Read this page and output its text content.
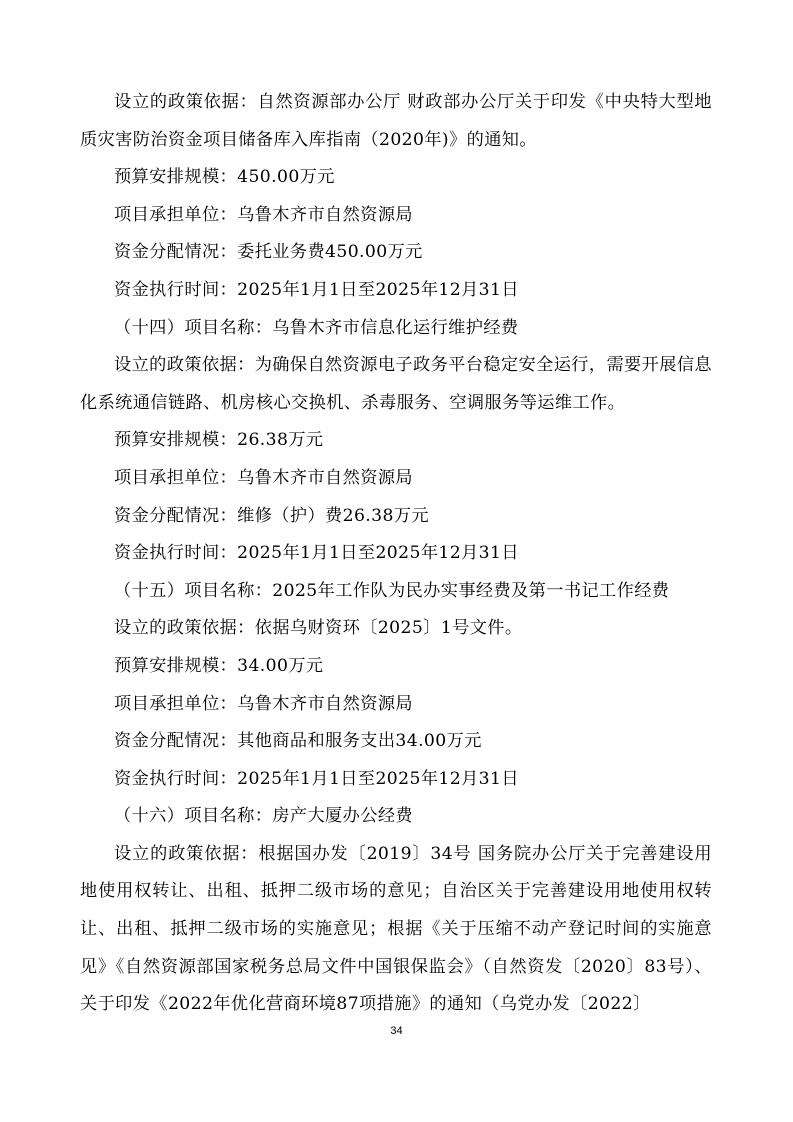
设立的政策依据：自然资源部办公厅 财政部办公厅关于印发《中央特大型地质灾害防治资金项目储备库入库指南（2020年)》的通知。

预算安排规模：450.00万元

项目承担单位：乌鲁木齐市自然资源局

资金分配情况：委托业务费450.00万元

资金执行时间：2025年1月1日至2025年12月31日

（十四）项目名称：乌鲁木齐市信息化运行维护经费

设立的政策依据：为确保自然资源电子政务平台稳定安全运行，需要开展信息化系统通信链路、机房核心交换机、杀毒服务、空调服务等运维工作。

预算安排规模：26.38万元

项目承担单位：乌鲁木齐市自然资源局

资金分配情况：维修（护）费26.38万元

资金执行时间：2025年1月1日至2025年12月31日

（十五）项目名称：2025年工作队为民办实事经费及第一书记工作经费

设立的政策依据：依据乌财资环〔2025〕1号文件。

预算安排规模：34.00万元

项目承担单位：乌鲁木齐市自然资源局

资金分配情况：其他商品和服务支出34.00万元

资金执行时间：2025年1月1日至2025年12月31日

（十六）项目名称：房产大厦办公经费

设立的政策依据：根据国办发〔2019〕34号 国务院办公厅关于完善建设用地使用权转让、出租、抵押二级市场的意见；自治区关于完善建设用地使用权转让、出租、抵押二级市场的实施意见；根据《关于压缩不动产登记时间的实施意见》《自然资源部国家税务总局文件中国银保监会》（自然资发〔2020〕83号）、关于印发《2022年优化营商环境87项措施》的通知（乌党办发〔2022〕

34
